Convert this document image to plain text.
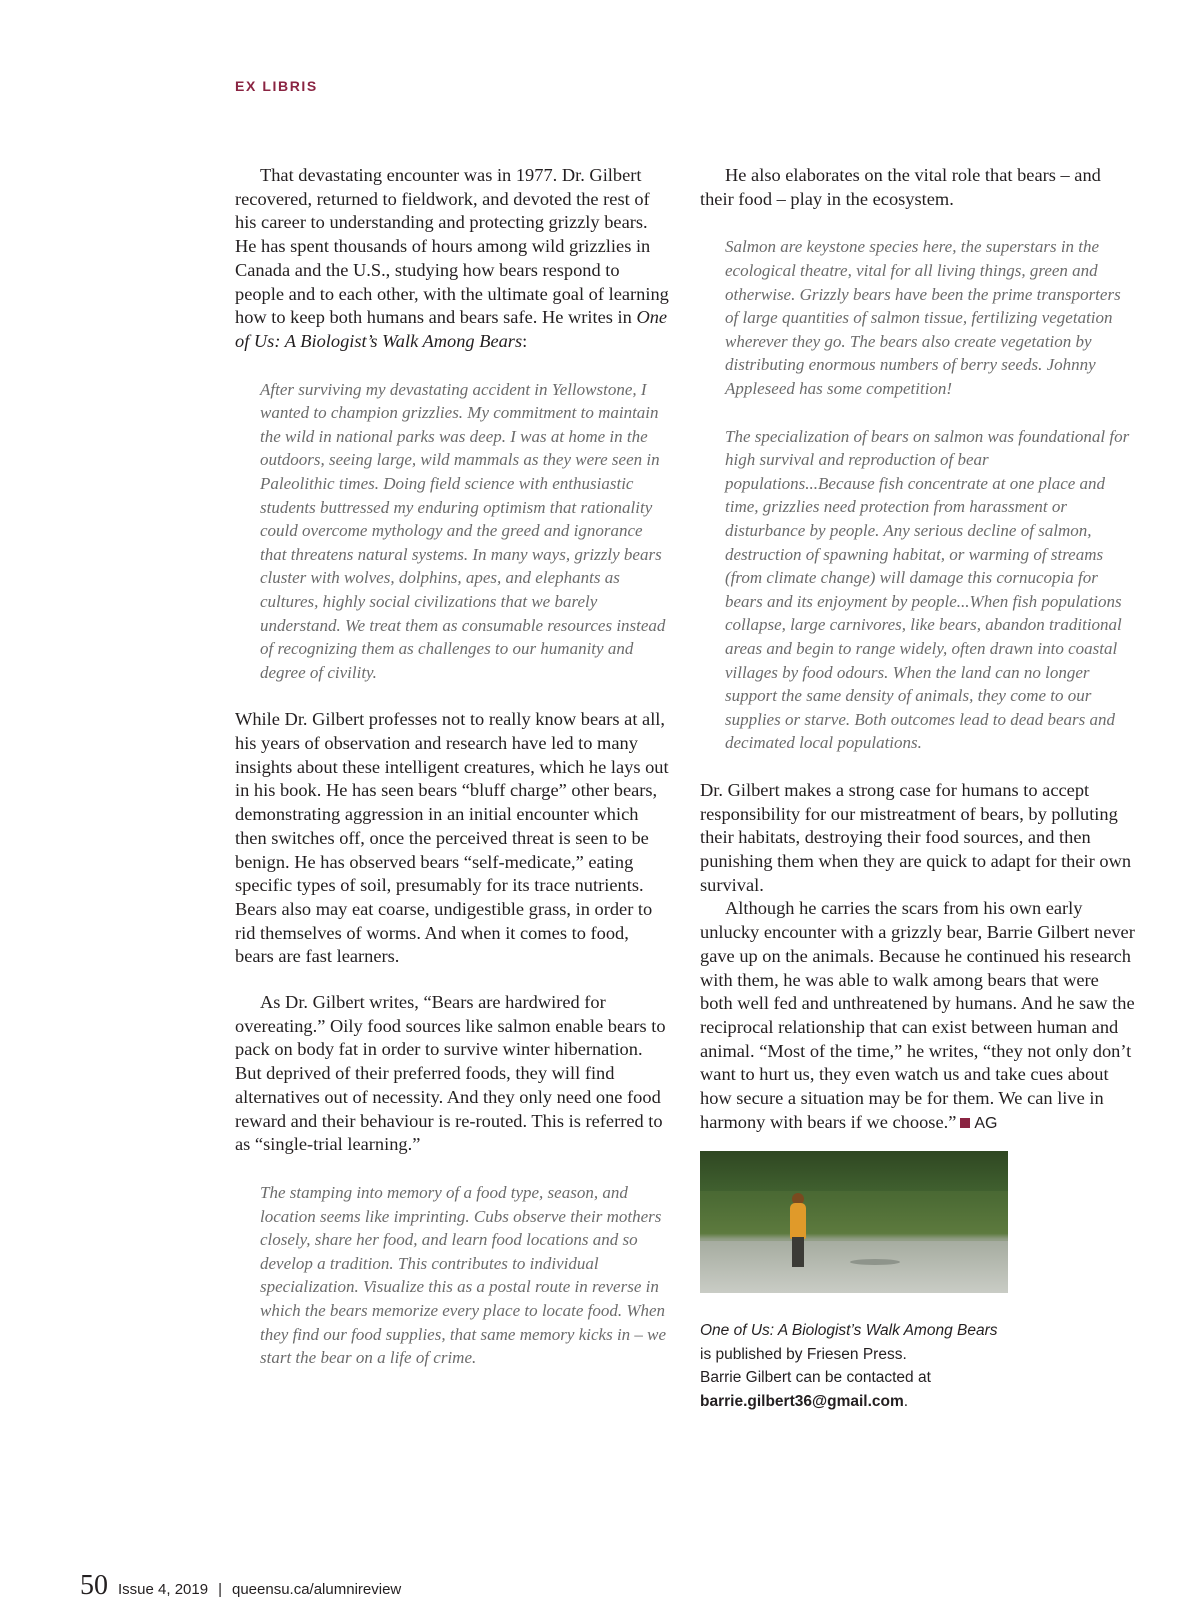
EX LIBRIS

That devastating encounter was in 1977. Dr. Gilbert recovered, returned to fieldwork, and devoted the rest of his career to understanding and protecting grizzly bears. He has spent thousands of hours among wild grizzlies in Canada and the U.S., studying how bears respond to people and to each other, with the ultimate goal of learning how to keep both humans and bears safe. He writes in One of Us: A Biologist’s Walk Among Bears:

After surviving my devastating accident in Yellowstone, I wanted to champion grizzlies. My commitment to maintain the wild in national parks was deep. I was at home in the outdoors, seeing large, wild mammals as they were seen in Paleolithic times. Doing field science with enthusiastic students buttressed my enduring optimism that rationality could overcome mythology and the greed and ignorance that threatens natural systems. In many ways, grizzly bears cluster with wolves, dolphins, apes, and elephants as cultures, highly social civilizations that we barely understand. We treat them as consumable resources instead of recognizing them as challenges to our humanity and degree of civility.

While Dr. Gilbert professes not to really know bears at all, his years of observation and research have led to many insights about these intelligent creatures, which he lays out in his book. He has seen bears “bluff charge” other bears, demonstrating aggression in an initial encounter which then switches off, once the perceived threat is seen to be benign. He has observed bears “self-medicate,” eating specific types of soil, presumably for its trace nutrients. Bears also may eat coarse, undigestible grass, in order to rid themselves of worms. And when it comes to food, bears are fast learners.

As Dr. Gilbert writes, “Bears are hardwired for overeating.” Oily food sources like salmon enable bears to pack on body fat in order to survive winter hibernation. But deprived of their preferred foods, they will find alternatives out of necessity. And they only need one food reward and their behaviour is re-routed. This is referred to as “single-trial learning.”

The stamping into memory of a food type, season, and location seems like imprinting. Cubs observe their mothers closely, share her food, and learn food locations and so develop a tradition. This contributes to individual specialization. Visualize this as a postal route in reverse in which the bears memorize every place to locate food. When they find our food supplies, that same memory kicks in – we start the bear on a life of crime.

He also elaborates on the vital role that bears – and their food – play in the ecosystem.

Salmon are keystone species here, the superstars in the ecological theatre, vital for all living things, green and otherwise. Grizzly bears have been the prime transporters of large quantities of salmon tissue, fertilizing vegetation wherever they go. The bears also create vegetation by distributing enormous numbers of berry seeds. Johnny Appleseed has some competition!

The specialization of bears on salmon was foundational for high survival and reproduction of bear populations...Because fish concentrate at one place and time, grizzlies need protection from harassment or disturbance by people. Any serious decline of salmon, destruction of spawning habitat, or warming of streams (from climate change) will damage this cornucopia for bears and its enjoyment by people...When fish populations collapse, large carnivores, like bears, abandon traditional areas and begin to range widely, often drawn into coastal villages by food odours. When the land can no longer support the same density of animals, they come to our supplies or starve. Both outcomes lead to dead bears and decimated local populations.

Dr. Gilbert makes a strong case for humans to accept responsibility for our mistreatment of bears, by polluting their habitats, destroying their food sources, and then punishing them when they are quick to adapt for their own survival.

Although he carries the scars from his own early unlucky encounter with a grizzly bear, Barrie Gilbert never gave up on the animals. Because he continued his research with them, he was able to walk among bears that were both well fed and unthreatened by humans. And he saw the reciprocal relationship that can exist between human and animal. “Most of the time,” he writes, “they not only don’t want to hurt us, they even watch us and take cues about how secure a situation may be for them. We can live in harmony with bears if we choose.” AG

One of Us: A Biologist’s Walk Among Bears
is published by Friesen Press.
Barrie Gilbert can be contacted at
barrie.gilbert36@gmail.com.
50 Issue 4, 2019 | queensu.ca/alumnireview
